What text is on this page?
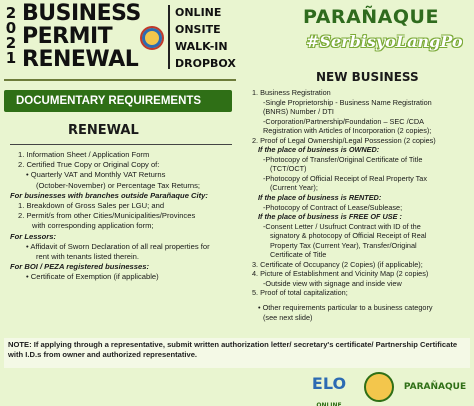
2
0
2
1
BUSINESS
PERMIT
RENEWAL
ONLINE
ONSITE
WALK-IN
DROPBOX
PARAÑAQUE
#SerbisyoLangPo
DOCUMENTARY REQUIREMENTS
RENEWAL
1. Information Sheet / Application Form
2. Certified True Copy or Original Copy of:
• Quarterly VAT and Monthly VAT Returns
(October-November) or Percentage Tax Returns;
For businesses with branches outside Parañaque City:
1. Breakdown of Gross Sales per LGU; and
2. Permit/s from other Cities/Municipalities/Provinces
with corresponding application form;
For Lessors:
• Affidavit of Sworn Declaration of all real properties for
rent with tenants listed therein.
For BOI / PEZA registered businesses:
• Certificate of Exemption (if applicable)
NEW BUSINESS
1. Business Registration
-Single Proprietorship - Business Name Registration
(BNRS) Number / DTI
-Corporation/Partnership/Foundation – SEC /CDA
Registration with Articles of Incorporation (2 copies);
2. Proof of Legal Ownership/Legal Possession (2 copies)
If the place of business is OWNED:
-Photocopy of Transfer/Original Certificate of Title
(TCT/OCT)
-Photocopy of Official Receipt of Real Property Tax
(Current Year);
If the place of business is RENTED:
-Photocopy of Contract of Lease/Sublease;
If the place of business is FREE OF USE :
-Consent Letter / Usufruct Contract with ID of the
signatory & photocopy of Official Receipt of Real
Property Tax (Current Year), Transfer/Original
Certificate of Title
3. Certificate of Occupancy (2 Copies) (if applicable);
4. Picture of Establishment and Vicinity Map (2 copies)
-Outside view with signage and inside view
5. Proof of total capitalization;
• Other requirements particular to a business category
(see next slide)
NOTE: If applying through a representative, submit written authorization letter/ secretary's certificate/ Partnership Certificate with I.D.s from owner and authorized representative.
ELO
ONLINE
PARAÑAQUE
